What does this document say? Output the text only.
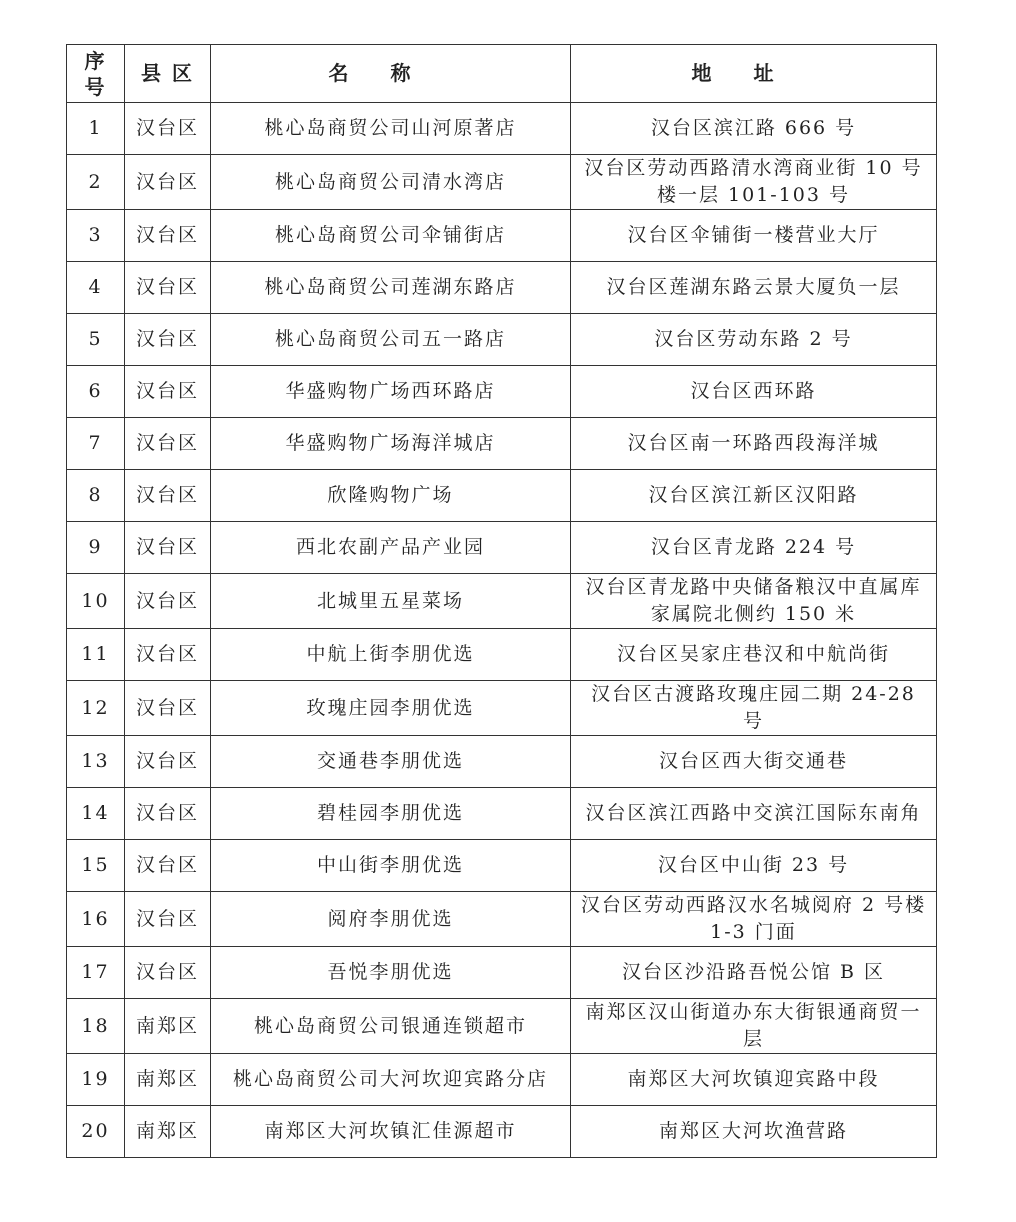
序号	县 区	名称	地址
1	汉台区	桃心岛商贸公司山河原著店	汉台区滨江路 666 号
2	汉台区	桃心岛商贸公司清水湾店	汉台区劳动西路清水湾商业街 10 号楼一层 101-103 号
3	汉台区	桃心岛商贸公司伞铺街店	汉台区伞铺街一楼营业大厅
4	汉台区	桃心岛商贸公司莲湖东路店	汉台区莲湖东路云景大厦负一层
5	汉台区	桃心岛商贸公司五一路店	汉台区劳动东路 2 号
6	汉台区	华盛购物广场西环路店	汉台区西环路
7	汉台区	华盛购物广场海洋城店	汉台区南一环路西段海洋城
8	汉台区	欣隆购物广场	汉台区滨江新区汉阳路
9	汉台区	西北农副产品产业园	汉台区青龙路 224 号
10	汉台区	北城里五星菜场	汉台区青龙路中央储备粮汉中直属库家属院北侧约 150 米
11	汉台区	中航上街李朋优选	汉台区吴家庄巷汉和中航尚街
12	汉台区	玫瑰庄园李朋优选	汉台区古渡路玫瑰庄园二期 24-28 号
13	汉台区	交通巷李朋优选	汉台区西大街交通巷
14	汉台区	碧桂园李朋优选	汉台区滨江西路中交滨江国际东南角
15	汉台区	中山街李朋优选	汉台区中山街 23 号
16	汉台区	阅府李朋优选	汉台区劳动西路汉水名城阅府 2 号楼 1-3 门面
17	汉台区	吾悦李朋优选	汉台区沙沿路吾悦公馆 B 区
18	南郑区	桃心岛商贸公司银通连锁超市	南郑区汉山街道办东大街银通商贸一层
19	南郑区	桃心岛商贸公司大河坎迎宾路分店	南郑区大河坎镇迎宾路中段
20	南郑区	南郑区大河坎镇汇佳源超市	南郑区大河坎渔营路
